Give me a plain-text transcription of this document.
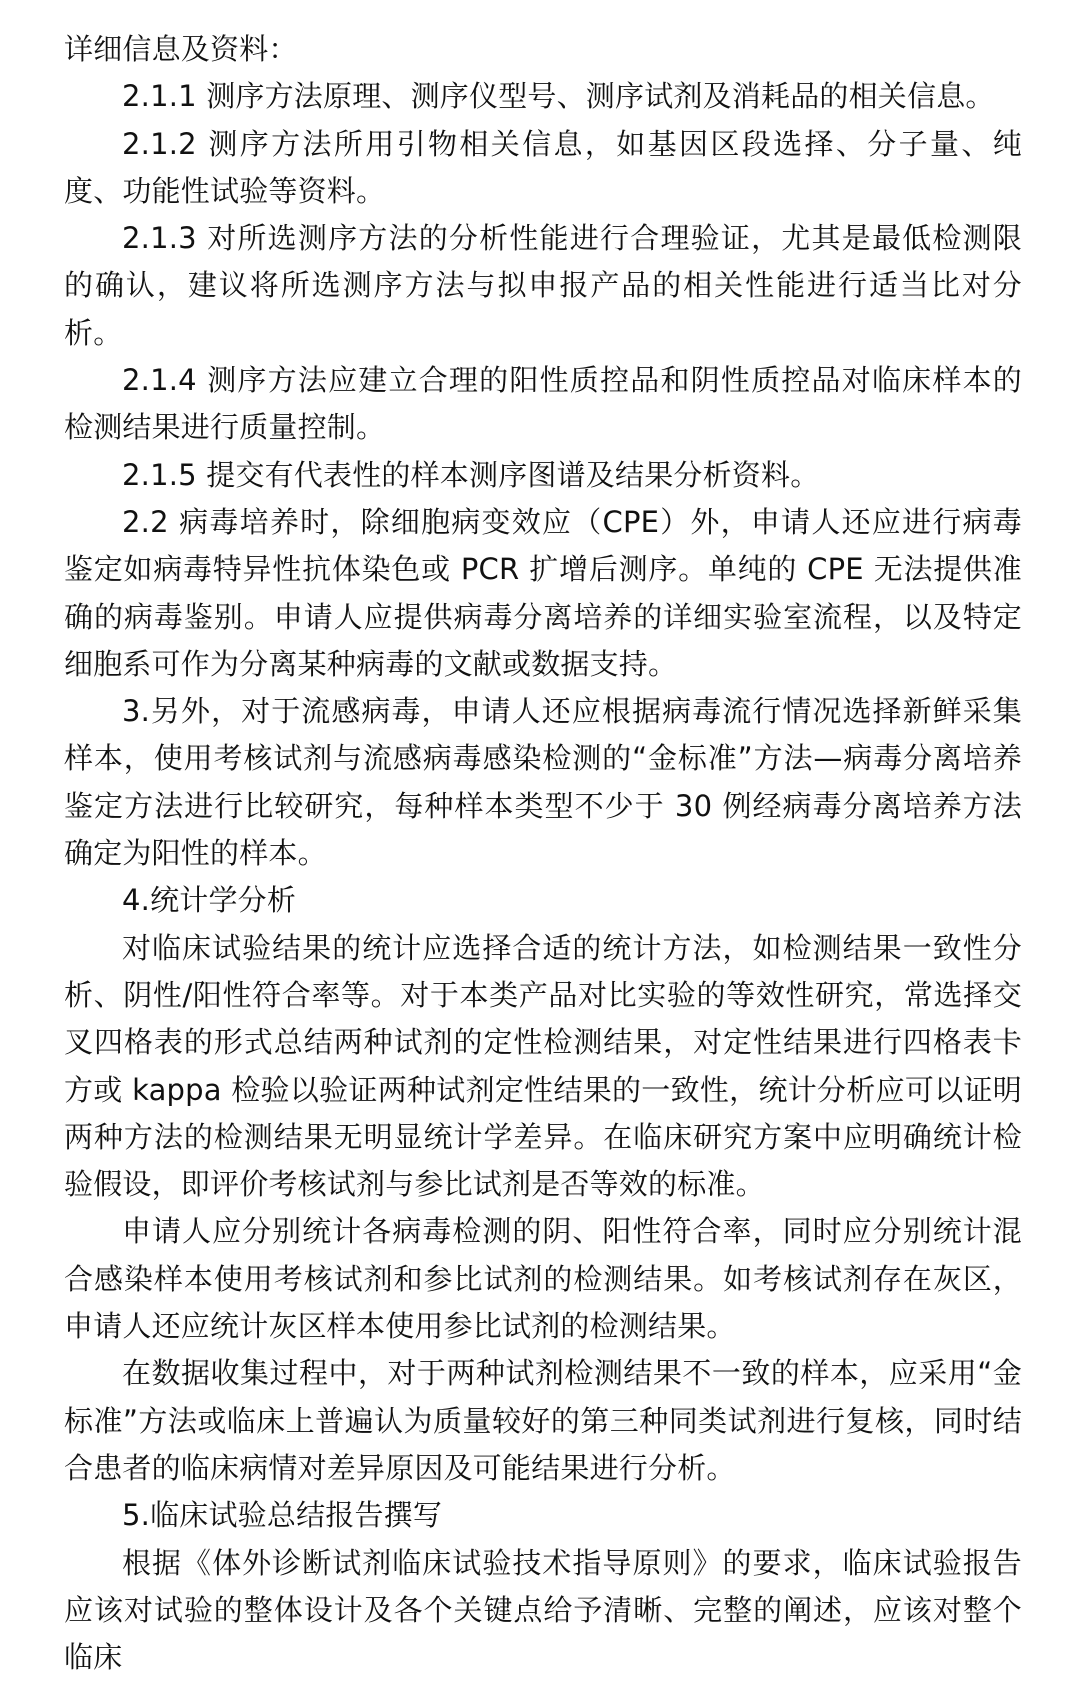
详细信息及资料：

2.1.1 测序方法原理、测序仪型号、测序试剂及消耗品的相关信息。

2.1.2 测序方法所用引物相关信息，如基因区段选择、分子量、纯度、功能性试验等资料。

2.1.3 对所选测序方法的分析性能进行合理验证，尤其是最低检测限的确认，建议将所选测序方法与拟申报产品的相关性能进行适当比对分析。

2.1.4 测序方法应建立合理的阳性质控品和阴性质控品对临床样本的检测结果进行质量控制。

2.1.5 提交有代表性的样本测序图谱及结果分析资料。

2.2 病毒培养时，除细胞病变效应（CPE）外，申请人还应进行病毒鉴定如病毒特异性抗体染色或 PCR 扩增后测序。单纯的 CPE 无法提供准确的病毒鉴别。申请人应提供病毒分离培养的详细实验室流程，以及特定细胞系可作为分离某种病毒的文献或数据支持。

3.另外，对于流感病毒，申请人还应根据病毒流行情况选择新鲜采集样本，使用考核试剂与流感病毒感染检测的“金标准”方法—病毒分离培养鉴定方法进行比较研究，每种样本类型不少于 30 例经病毒分离培养方法确定为阳性的样本。

4.统计学分析

对临床试验结果的统计应选择合适的统计方法，如检测结果一致性分析、阴性/阳性符合率等。对于本类产品对比实验的等效性研究，常选择交叉四格表的形式总结两种试剂的定性检测结果，对定性结果进行四格表卡方或 kappa 检验以验证两种试剂定性结果的一致性，统计分析应可以证明两种方法的检测结果无明显统计学差异。在临床研究方案中应明确统计检验假设，即评价考核试剂与参比试剂是否等效的标准。

申请人应分别统计各病毒检测的阴、阳性符合率，同时应分别统计混合感染样本使用考核试剂和参比试剂的检测结果。如考核试剂存在灰区，申请人还应统计灰区样本使用参比试剂的检测结果。

在数据收集过程中，对于两种试剂检测结果不一致的样本，应采用“金标准”方法或临床上普遍认为质量较好的第三种同类试剂进行复核，同时结合患者的临床病情对差异原因及可能结果进行分析。

5.临床试验总结报告撰写

根据《体外诊断试剂临床试验技术指导原则》的要求，临床试验报告应该对试验的整体设计及各个关键点给予清晰、完整的阐述，应该对整个临床
